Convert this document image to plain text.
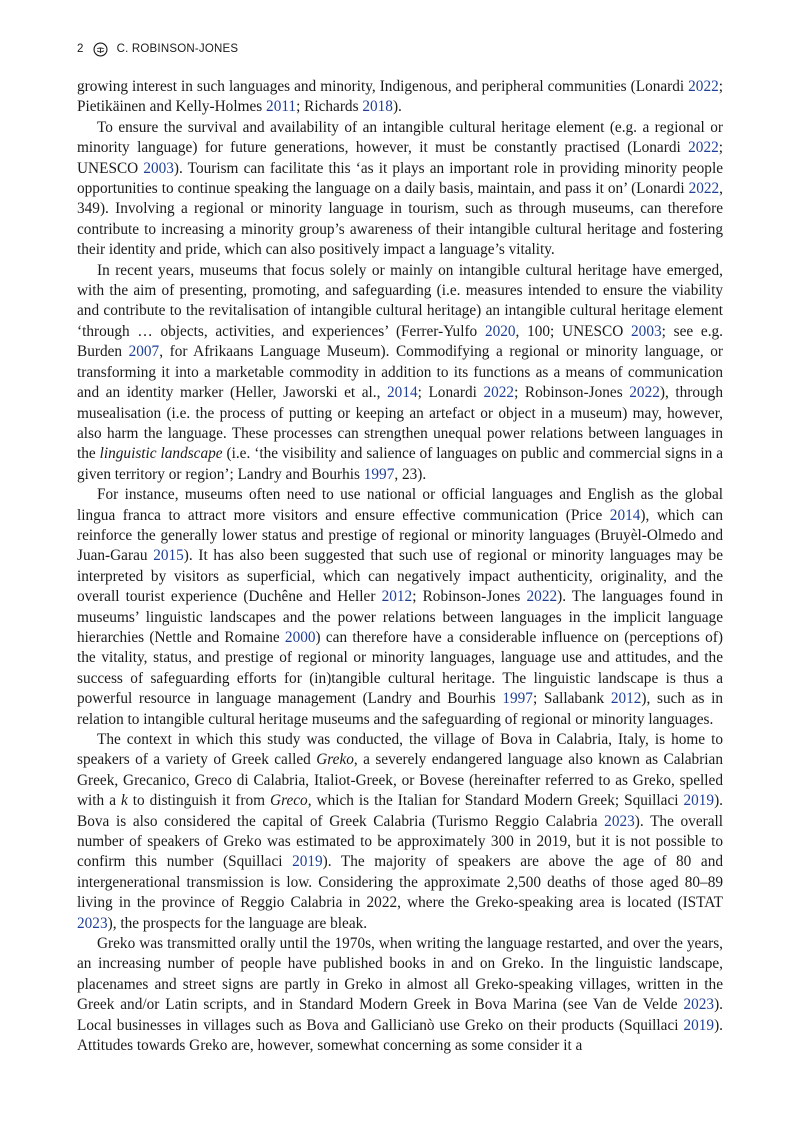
2	C. ROBINSON-JONES

growing interest in such languages and minority, Indigenous, and peripheral communities (Lonardi 2022; Pietikäinen and Kelly-Holmes 2011; Richards 2018).

To ensure the survival and availability of an intangible cultural heritage element (e.g. a regional or minority language) for future generations, however, it must be constantly practised (Lonardi 2022; UNESCO 2003). Tourism can facilitate this ‘as it plays an important role in providing minority people opportunities to continue speaking the language on a daily basis, maintain, and pass it on’ (Lonardi 2022, 349). Involving a regional or minority language in tourism, such as through museums, can therefore contribute to increasing a minority group’s awareness of their intangible cultural heritage and fostering their identity and pride, which can also positively impact a language’s vitality.

In recent years, museums that focus solely or mainly on intangible cultural heritage have emerged, with the aim of presenting, promoting, and safeguarding (i.e. measures intended to ensure the viability and contribute to the revitalisation of intangible cultural heritage) an intangible cultural heritage element ‘through … objects, activities, and experiences’ (Ferrer-Yulfo 2020, 100; UNESCO 2003; see e.g. Burden 2007, for Afrikaans Language Museum). Commodifying a regional or minority language, or transforming it into a marketable commodity in addition to its functions as a means of communication and an identity marker (Heller, Jaworski et al., 2014; Lonardi 2022; Robinson-Jones 2022), through musealisation (i.e. the process of putting or keeping an artefact or object in a museum) may, however, also harm the language. These processes can strengthen unequal power relations between languages in the linguistic landscape (i.e. ‘the visibility and salience of languages on public and commercial signs in a given territory or region’; Landry and Bourhis 1997, 23).

For instance, museums often need to use national or official languages and English as the global lingua franca to attract more visitors and ensure effective communication (Price 2014), which can reinforce the generally lower status and prestige of regional or minority languages (Bruyèl-Olmedo and Juan-Garau 2015). It has also been suggested that such use of regional or minority languages may be interpreted by visitors as superficial, which can negatively impact authenticity, originality, and the overall tourist experience (Duchêne and Heller 2012; Robinson-Jones 2022). The languages found in museums’ linguistic landscapes and the power relations between languages in the implicit language hierarchies (Nettle and Romaine 2000) can therefore have a considerable influence on (perceptions of) the vitality, status, and prestige of regional or minority languages, language use and attitudes, and the success of safeguarding efforts for (in)tangible cultural heritage. The linguistic landscape is thus a powerful resource in language management (Landry and Bourhis 1997; Sallabank 2012), such as in relation to intangible cultural heritage museums and the safeguarding of regional or minority languages.

The context in which this study was conducted, the village of Bova in Calabria, Italy, is home to speakers of a variety of Greek called Greko, a severely endangered language also known as Calabrian Greek, Grecanico, Greco di Calabria, Italiot-Greek, or Bovese (hereinafter referred to as Greko, spelled with a k to distinguish it from Greco, which is the Italian for Standard Modern Greek; Squillaci 2019). Bova is also considered the capital of Greek Calabria (Turismo Reggio Calabria 2023). The overall number of speakers of Greko was estimated to be approximately 300 in 2019, but it is not possible to confirm this number (Squillaci 2019). The majority of speakers are above the age of 80 and intergenerational transmission is low. Considering the approximate 2,500 deaths of those aged 80–89 living in the province of Reggio Calabria in 2022, where the Greko-speaking area is located (ISTAT 2023), the prospects for the language are bleak.

Greko was transmitted orally until the 1970s, when writing the language restarted, and over the years, an increasing number of people have published books in and on Greko. In the linguistic landscape, placenames and street signs are partly in Greko in almost all Greko-speaking villages, written in the Greek and/or Latin scripts, and in Standard Modern Greek in Bova Marina (see Van de Velde 2023). Local businesses in villages such as Bova and Gallicianò use Greko on their products (Squillaci 2019). Attitudes towards Greko are, however, somewhat concerning as some consider it a
